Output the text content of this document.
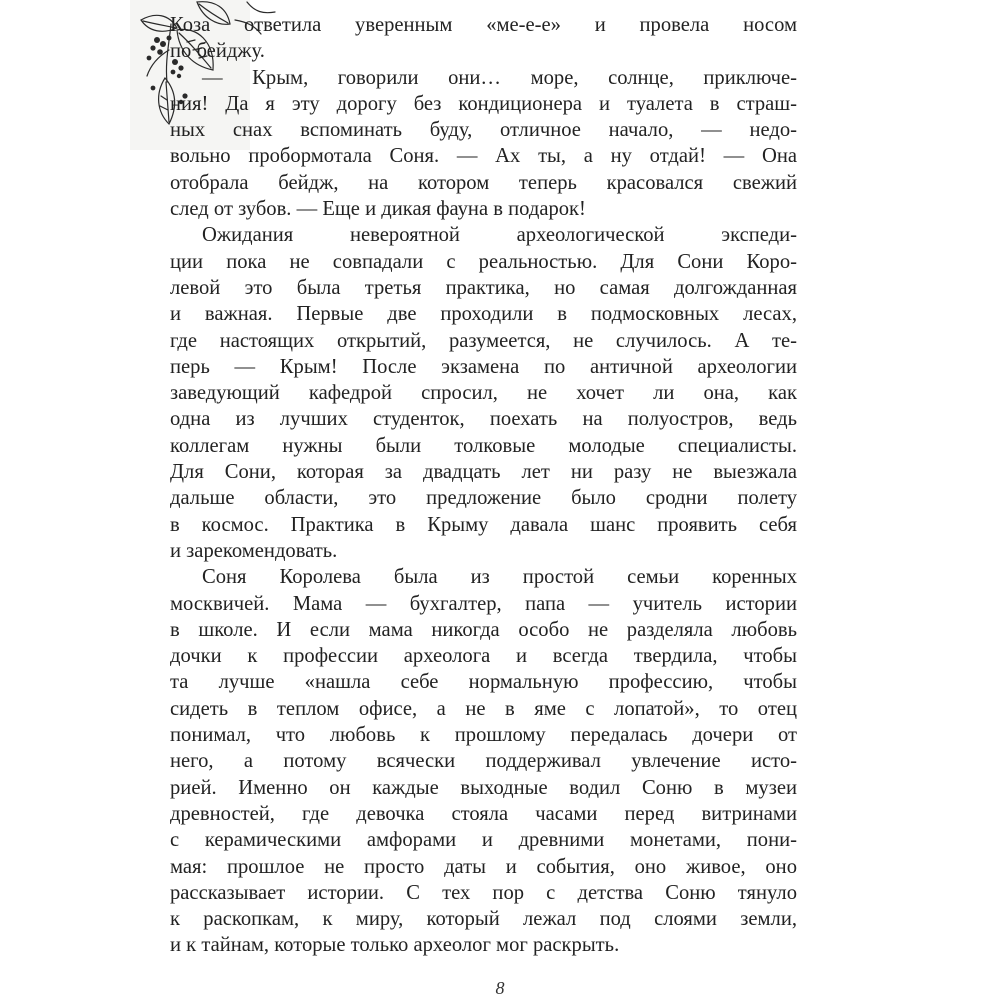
Коза ответила уверенным «ме-е-е» и провела носом
по бейджу.
— Крым, говорили они… море, солнце, приключе-
ния! Да я эту дорогу без кондиционера и туалета в страш-
ных снах вспоминать буду, отличное начало, — недо-
вольно пробормотала Соня. — Ах ты, а ну отдай! — Она
отобрала бейдж, на котором теперь красовался свежий
след от зубов. — Еще и дикая фауна в подарок!
Ожидания невероятной археологической экспеди-
ции пока не совпадали с реальностью. Для Сони Коро-
левой это была третья практика, но самая долгожданная
и важная. Первые две проходили в подмосковных лесах,
где настоящих открытий, разумеется, не случилось. А те-
перь — Крым! После экзамена по античной археологии
заведующий кафедрой спросил, не хочет ли она, как
одна из лучших студенток, поехать на полуостров, ведь
коллегам нужны были толковые молодые специалисты.
Для Сони, которая за двадцать лет ни разу не выезжала
дальше области, это предложение было сродни полету
в космос. Практика в Крыму давала шанс проявить себя
и зарекомендовать.
Соня Королева была из простой семьи коренных
москвичей. Мама — бухгалтер, папа — учитель истории
в школе. И если мама никогда особо не разделяла любовь
дочки к профессии археолога и всегда твердила, чтобы
та лучше «нашла себе нормальную профессию, чтобы
сидеть в теплом офисе, а не в яме с лопатой», то отец
понимал, что любовь к прошлому передалась дочери от
него, а потому всячески поддерживал увлечение исто-
рией. Именно он каждые выходные водил Соню в музеи
древностей, где девочка стояла часами перед витринами
с керамическими амфорами и древними монетами, пони-
мая: прошлое не просто даты и события, оно живое, оно
рассказывает истории. С тех пор с детства Соню тянуло
к раскопкам, к миру, который лежал под слоями земли,
и к тайнам, которые только археолог мог раскрыть.
8
